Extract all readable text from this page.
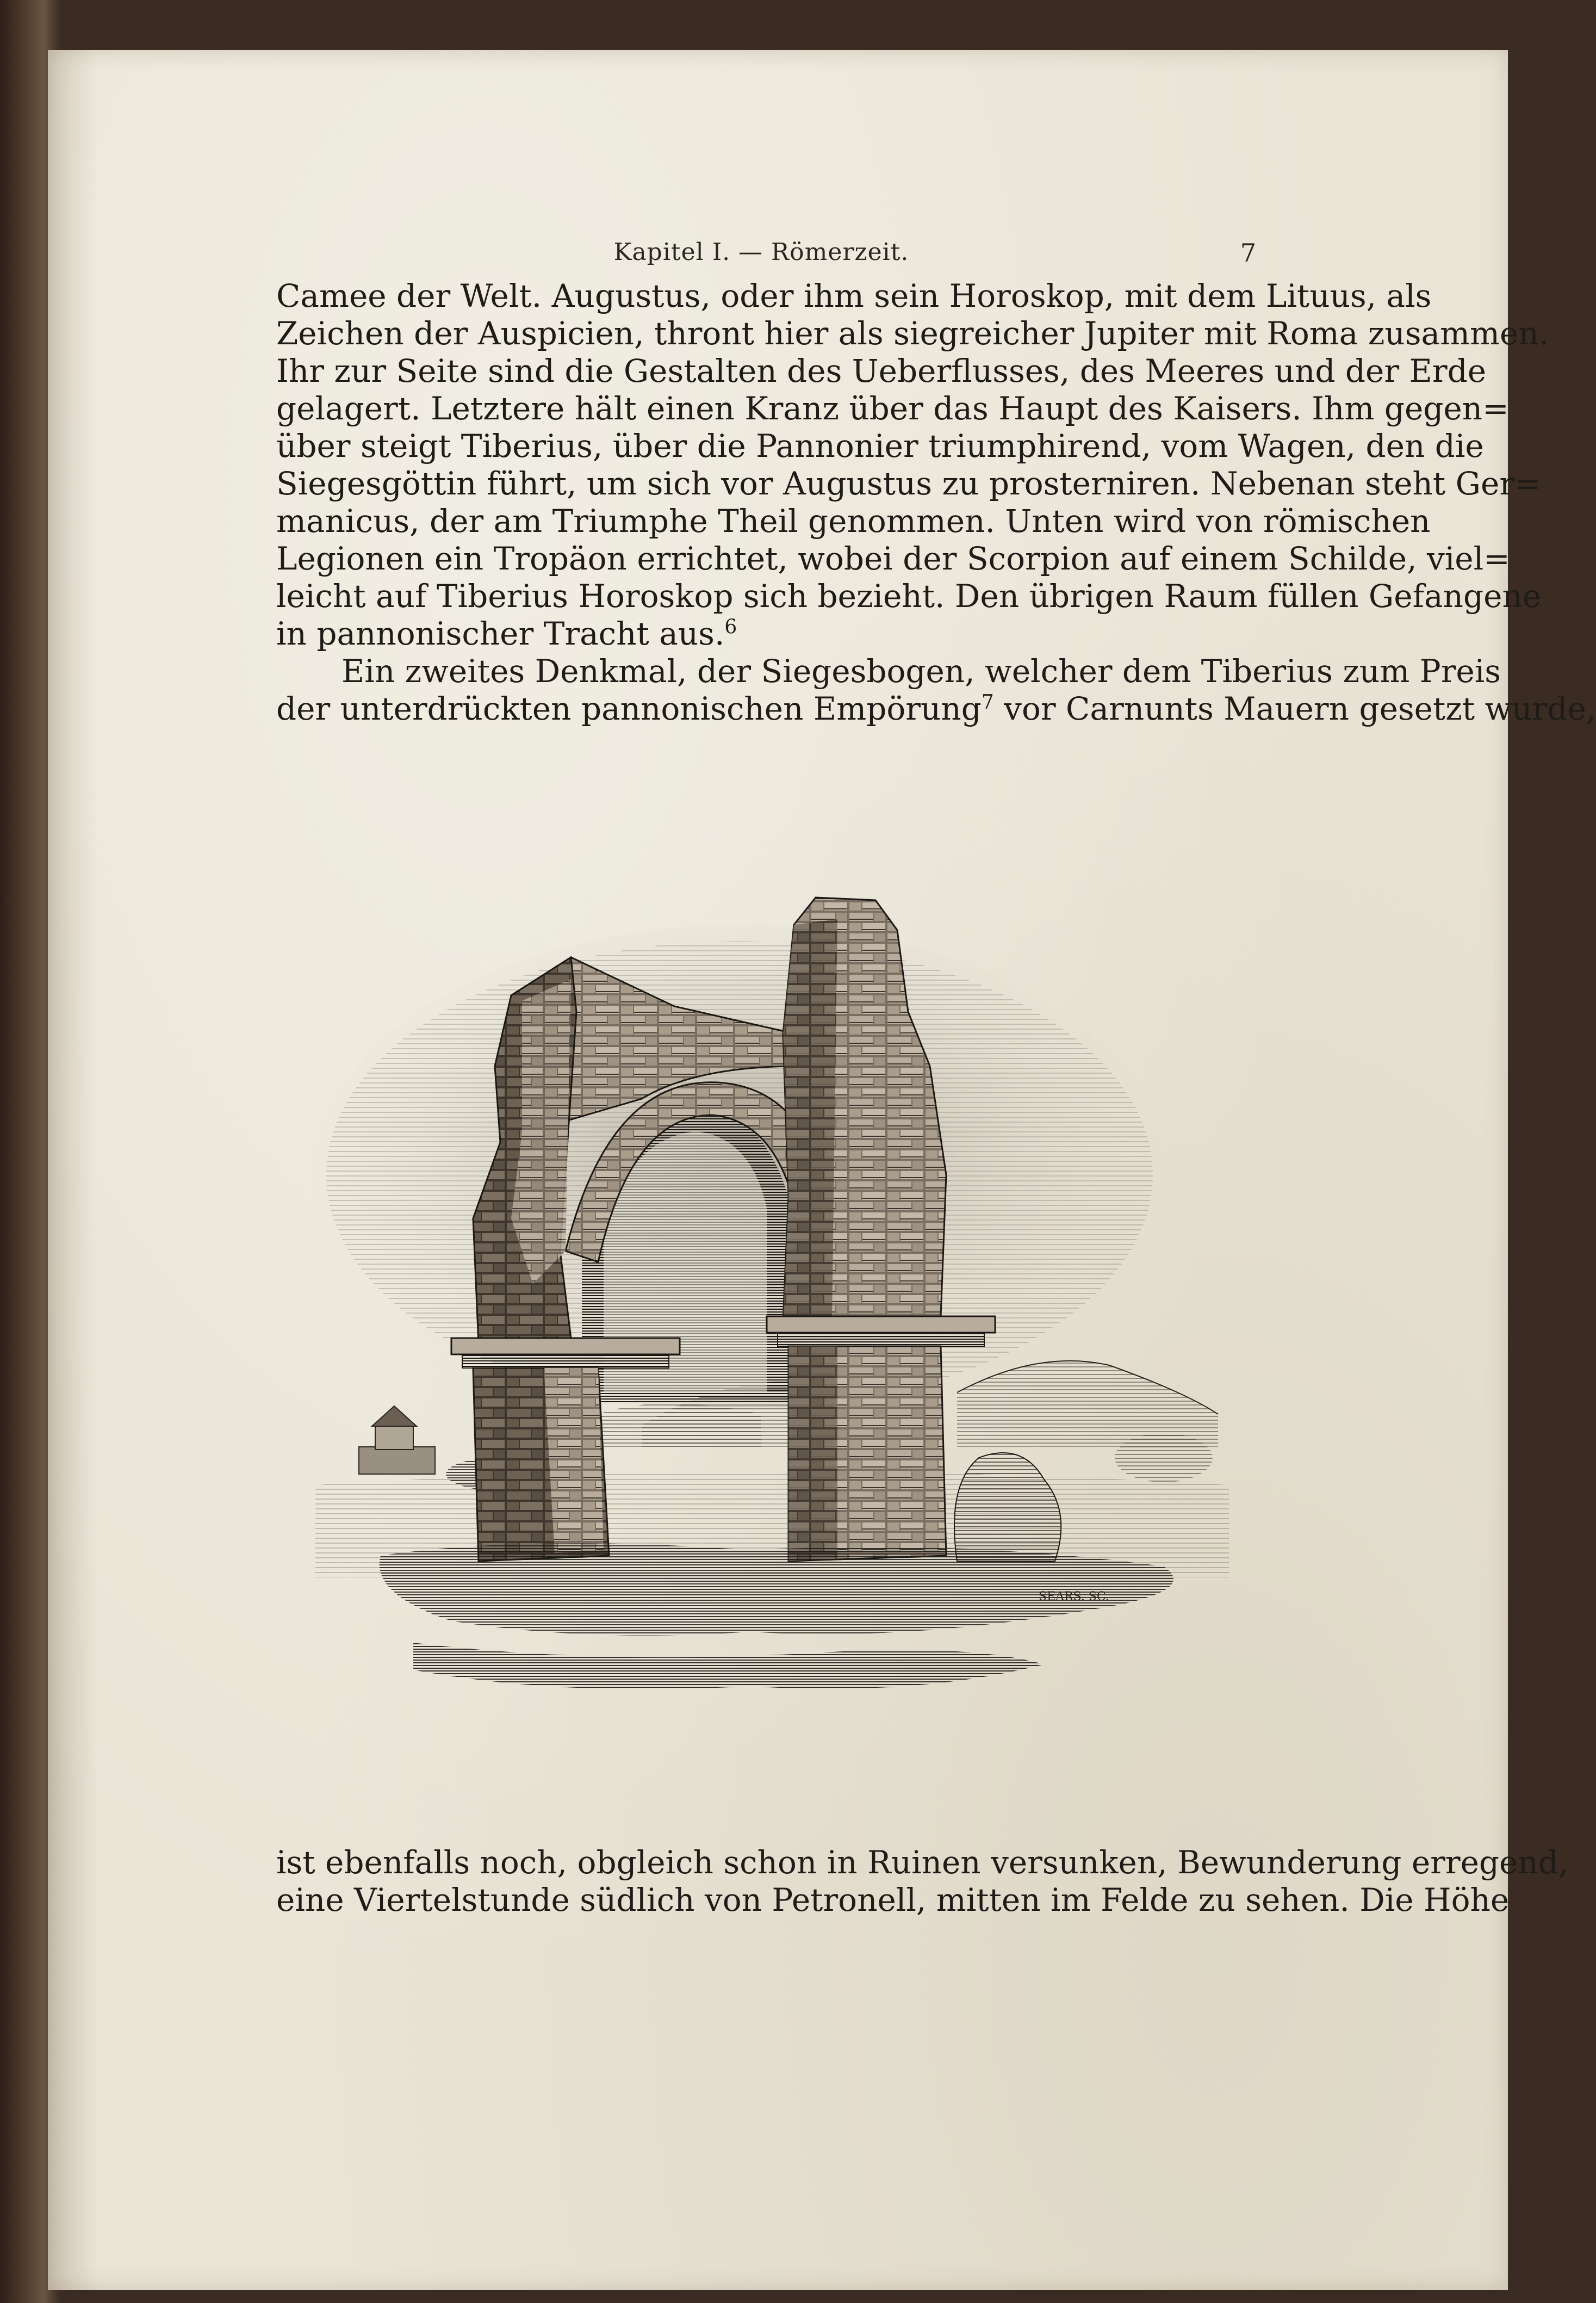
Kapitel I. — Römerzeit.	7
Camee der Welt. Augustus, oder ihm sein Horoskop, mit dem Lituus, als
Zeichen der Auspicien, thront hier als siegreicher Jupiter mit Roma zusammen.
Ihr zur Seite sind die Gestalten des Ueberflusses, des Meeres und der Erde
gelagert. Letztere hält einen Kranz über das Haupt des Kaisers. Ihm gegen=
über steigt Tiberius, über die Pannonier triumphirend, vom Wagen, den die
Siegesgöttin führt, um sich vor Augustus zu prosterniren. Nebenan steht Ger=
manicus, der am Triumphe Theil genommen. Unten wird von römischen
Legionen ein Tropäon errichtet, wobei der Scorpion auf einem Schilde, viel=
leicht auf Tiberius Horoskop sich bezieht. Den übrigen Raum füllen Gefangene
in pannonischer Tracht aus.$^6$
Ein zweites Denkmal, der Siegesbogen, welcher dem Tiberius zum Preis
der unterdrückten pannonischen Empörung$^7$ vor Carnunts Mauern gesetzt wurde,
SEARS. SC.
ist ebenfalls noch, obgleich schon in Ruinen versunken, Bewunderung erregend,
eine Viertelstunde südlich von Petronell, mitten im Felde zu sehen. Die Höhe
